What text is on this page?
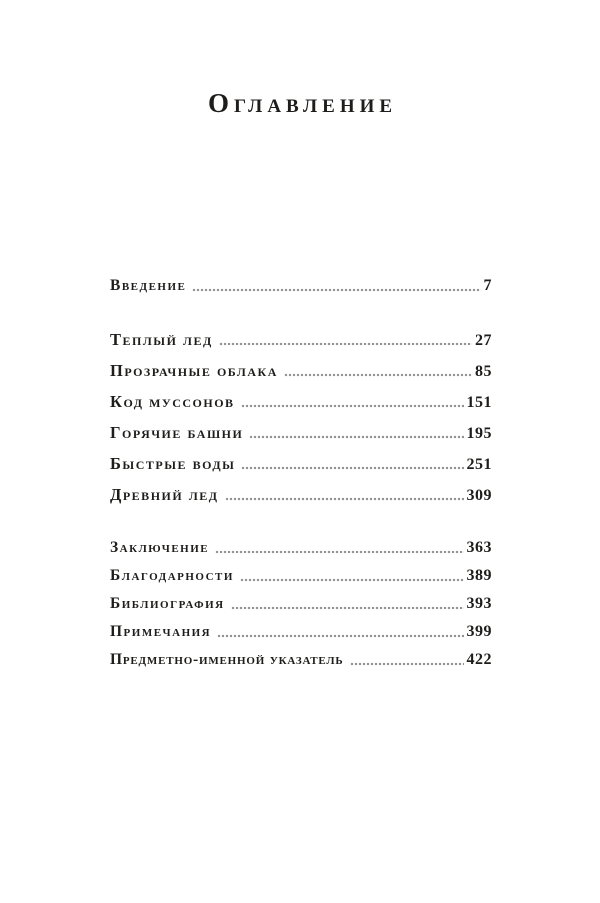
Оглавление
Введение	7
Теплый лед	27
Прозрачные облака	85
Код муссонов	151
Горячие башни	195
Быстрые воды	251
Древний лед	309
Заключение	363
Благодарности	389
Библиография	393
Примечания	399
Предметно-именной указатель	422
